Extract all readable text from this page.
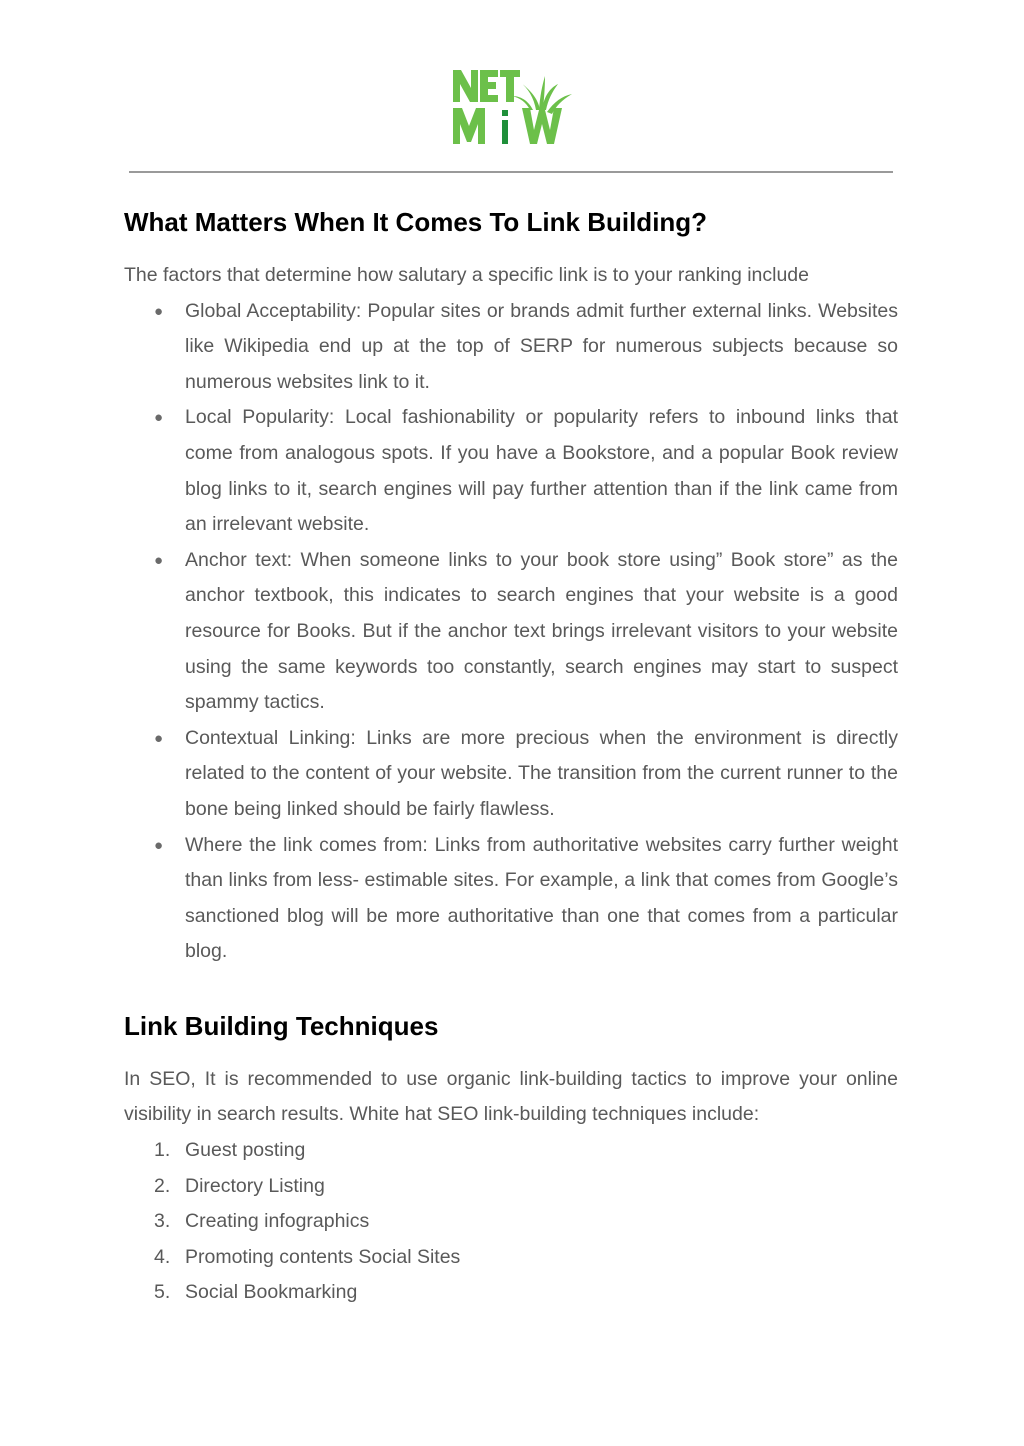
What Matters When It Comes To Link Building?

The factors that determine how salutary a specific link is to your ranking include

● Global Acceptability: Popular sites or brands admit further external links. Websites like Wikipedia end up at the top of SERP for numerous subjects because so numerous websites link to it.
● Local Popularity: Local fashionability or popularity refers to inbound links that come from analogous spots. If you have a Bookstore, and a popular Book review blog links to it, search engines will pay further attention than if the link came from an irrelevant website.
● Anchor text: When someone links to your book store using” Book store” as the anchor textbook, this indicates to search engines that your website is a good resource for Books. But if the anchor text brings irrelevant visitors to your website using the same keywords too constantly, search engines may start to suspect spammy tactics.
● Contextual Linking: Links are more precious when the environment is directly related to the content of your website. The transition from the current runner to the bone being linked should be fairly flawless.
● Where the link comes from: Links from authoritative websites carry further weight than links from less- estimable sites. For example, a link that comes from Google’s sanctioned blog will be more authoritative than one that comes from a particular blog.
Link Building Techniques

In SEO, It is recommended to use organic link-building tactics to improve your online visibility in search results. White hat SEO link-building techniques include:

1. Guest posting
2. Directory Listing
3. Creating infographics
4. Promoting contents Social Sites
5. Social Bookmarking
